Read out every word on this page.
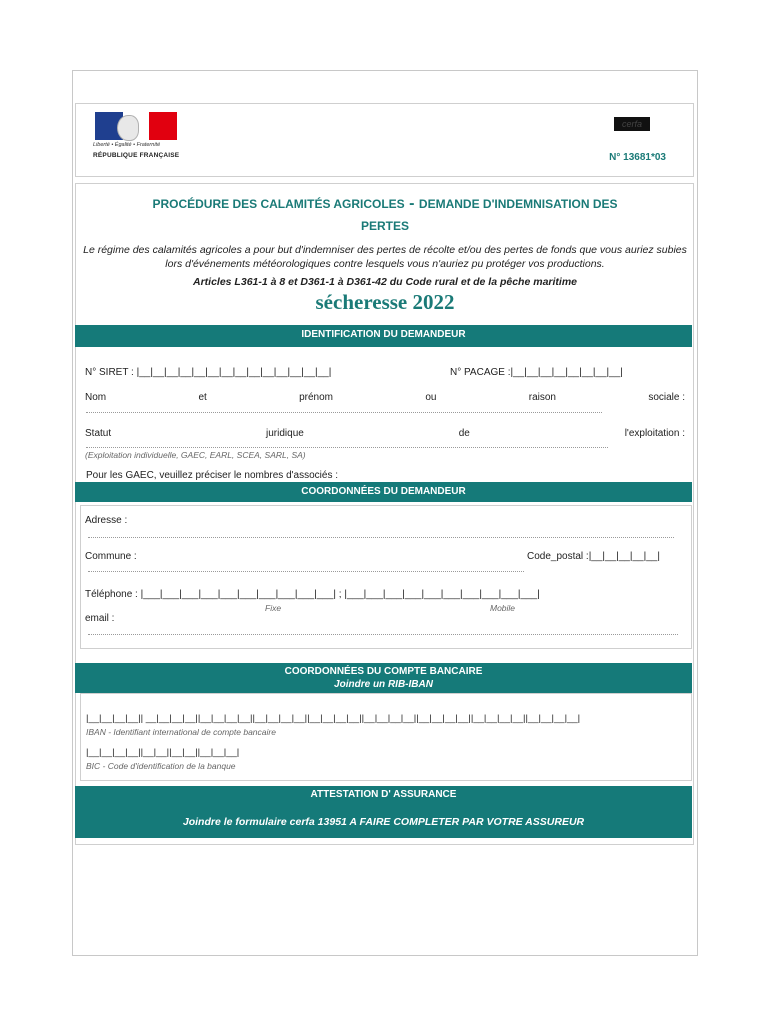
Liberté • Égalité • Fraternité
RÉPUBLIQUE FRANÇAISE
cerfa
N° 13681*03
PROCÉDURE DES CALAMITÉS AGRICOLES - DEMANDE D'INDEMNISATION DES
PERTES
Le régime des calamités agricoles a pour but d'indemniser des pertes de récolte et/ou des pertes de fonds que vous auriez subies lors d'événements météorologiques contre lesquels vous n'auriez pu protéger vos productions.
Articles L361-1 à 8 et D361-1 à D361-42 du Code rural et de la pêche maritime
sécheresse 2022
IDENTIFICATION DU DEMANDEUR
N° SIRET : |__|__|__|__|__|__|__|__|__|__|__|__|__|__|	N° PACAGE :|__|__|__|__|__|__|__|__|
Nom	et	prénom	ou	raison	sociale :
Statut	juridique	de	l'exploitation :
(Exploitation individuelle, GAEC, EARL, SCEA, SARL, SA)
Pour les GAEC, veuillez préciser le nombres d'associés :
COORDONNÉES DU DEMANDEUR
Adresse :
Commune :	Code_postal :|__|__|__|__|__|
Téléphone : |___|___|___|___|___|___|___|___|___|___| ; |___|___|___|___|___|___|___|___|___|___|
Fixe	Mobile
email :
COORDONNÉES DU COMPTE BANCAIRE
Joindre un RIB-IBAN
|__|__|__|__|| __|__|__|__||__|__|__|__||__|__|__|__||__|__|__|__||__|__|__|__||__|__|__|__||__|__|__|__||__|__|__|__|
IBAN - Identifiant international de compte bancaire
|__|__|__|__||__|__||__|__||__|__|__|
BIC - Code d'identification de la banque
ATTESTATION D' ASSURANCE
Joindre le formulaire cerfa 13951 A FAIRE COMPLETER PAR VOTRE ASSUREUR
